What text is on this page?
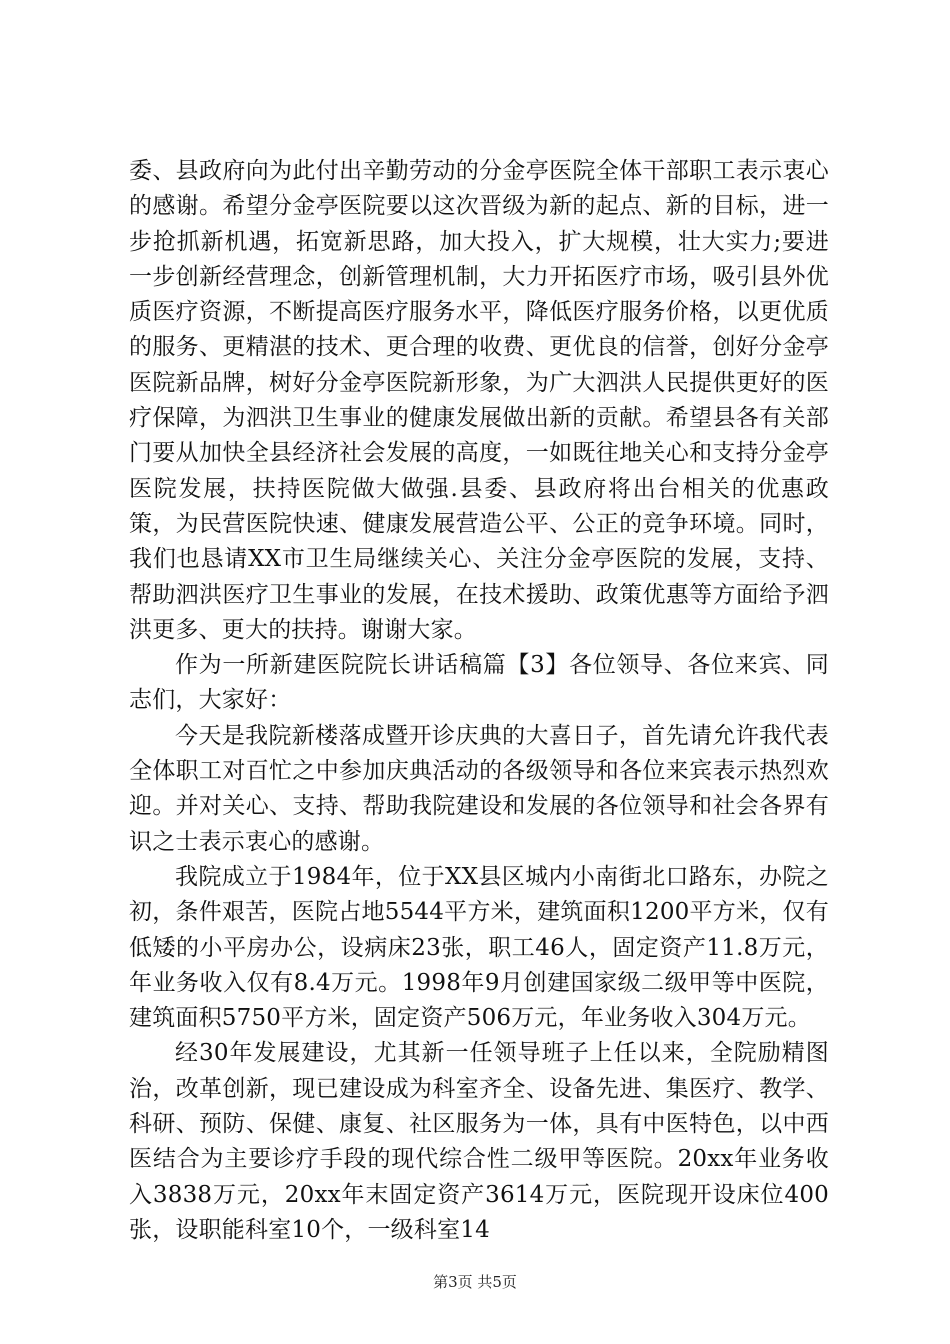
委、县政府向为此付出辛勤劳动的分金亭医院全体干部职工表示衷心的感谢。希望分金亭医院要以这次晋级为新的起点、新的目标，进一步抢抓新机遇，拓宽新思路，加大投入，扩大规模，壮大实力;要进一步创新经营理念，创新管理机制，大力开拓医疗市场，吸引县外优质医疗资源，不断提高医疗服务水平，降低医疗服务价格，以更优质的服务、更精湛的技术、更合理的收费、更优良的信誉，创好分金亭医院新品牌，树好分金亭医院新形象，为广大泗洪人民提供更好的医疗保障，为泗洪卫生事业的健康发展做出新的贡献。希望县各有关部门要从加快全县经济社会发展的高度，一如既往地关心和支持分金亭医院发展，扶持医院做大做强.县委、县政府将出台相关的优惠政策，为民营医院快速、健康发展营造公平、公正的竞争环境。同时，我们也恳请XX市卫生局继续关心、关注分金亭医院的发展，支持、帮助泗洪医疗卫生事业的发展，在技术援助、政策优惠等方面给予泗洪更多、更大的扶持。谢谢大家。

作为一所新建医院院长讲话稿篇【3】各位领导、各位来宾、同志们，大家好：

今天是我院新楼落成暨开诊庆典的大喜日子，首先请允许我代表全体职工对百忙之中参加庆典活动的各级领导和各位来宾表示热烈欢迎。并对关心、支持、帮助我院建设和发展的各位领导和社会各界有识之士表示衷心的感谢。

我院成立于1984年，位于XX县区城内小南街北口路东，办院之初，条件艰苦，医院占地5544平方米，建筑面积1200平方米，仅有低矮的小平房办公，设病床23张，职工46人，固定资产11.8万元，年业务收入仅有8.4万元。1998年9月创建国家级二级甲等中医院，建筑面积5750平方米，固定资产506万元，年业务收入304万元。

经30年发展建设，尤其新一任领导班子上任以来，全院励精图治，改革创新，现已建设成为科室齐全、设备先进、集医疗、教学、科研、预防、保健、康复、社区服务为一体，具有中医特色，以中西医结合为主要诊疗手段的现代综合性二级甲等医院。20xx年业务收入3838万元，20xx年末固定资产3614万元，医院现开设床位400张，设职能科室10个，一级科室14

第3页 共5页
